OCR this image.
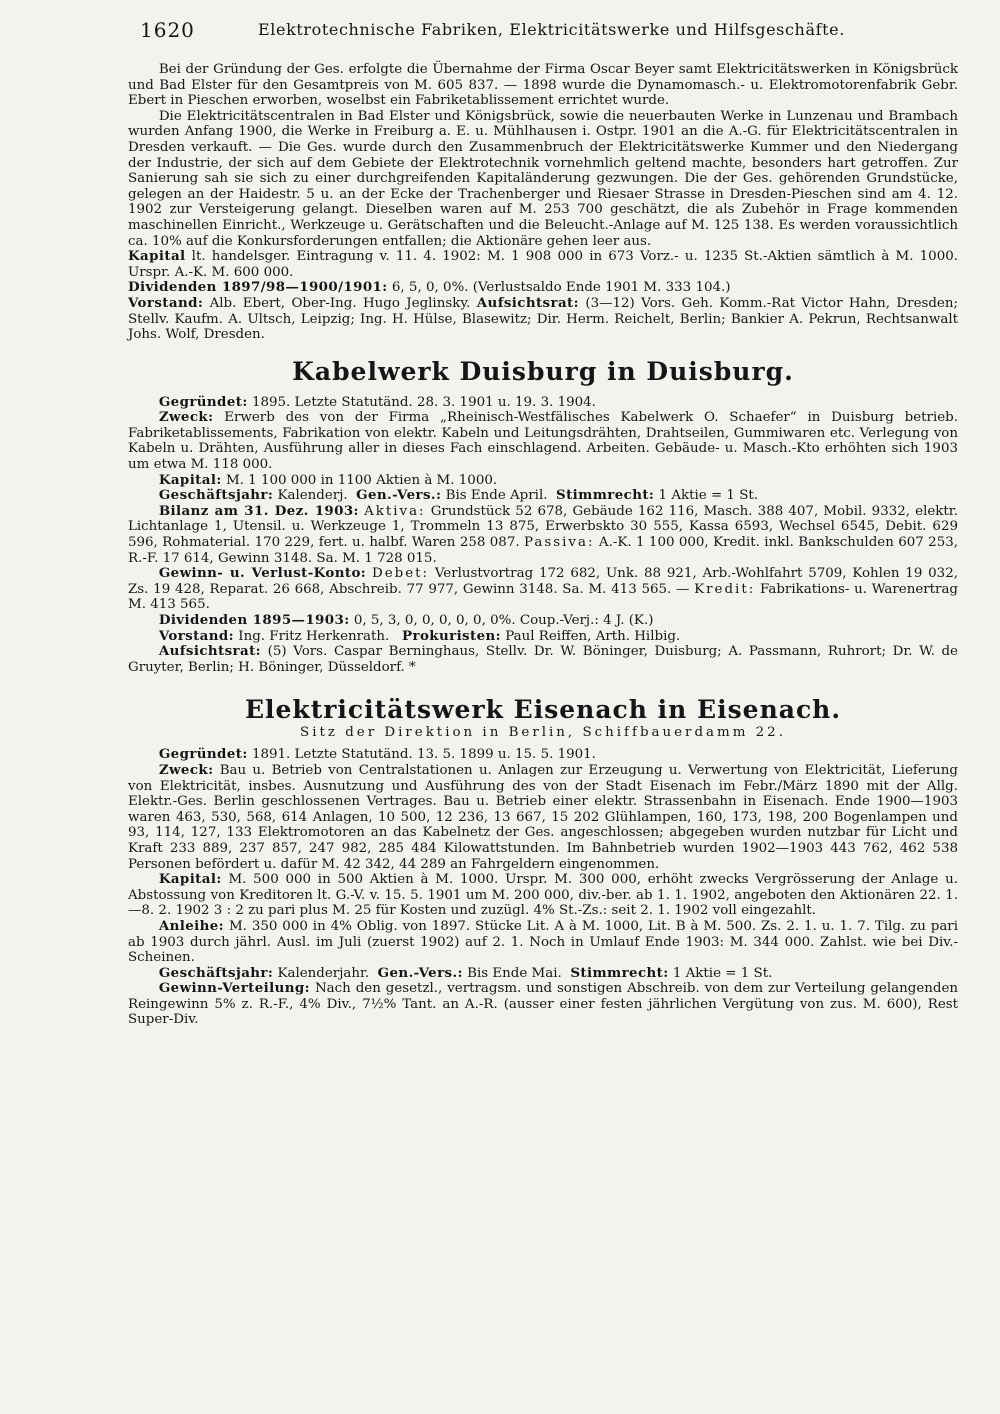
1620	Elektrotechnische Fabriken, Elektricitätswerke und Hilfsgeschäfte.

Bei der Gründung der Ges. erfolgte die Übernahme der Firma Oscar Beyer samt Elektricitätswerken in Königsbrück und Bad Elster für den Gesamtpreis von M. 605 837. — 1898 wurde die Dynamomasch.- u. Elektromotorenfabrik Gebr. Ebert in Pieschen erworben, woselbst ein Fabriketablissement errichtet wurde.

Die Elektricitätscentralen in Bad Elster und Königsbrück, sowie die neuerbauten Werke in Lunzenau und Brambach wurden Anfang 1900, die Werke in Freiburg a. E. u. Mühlhausen i. Ostpr. 1901 an die A.-G. für Elektricitätscentralen in Dresden verkauft. — Die Ges. wurde durch den Zusammenbruch der Elektricitätswerke Kummer und den Niedergang der Industrie, der sich auf dem Gebiete der Elektrotechnik vornehmlich geltend machte, besonders hart getroffen. Zur Sanierung sah sie sich zu einer durchgreifenden Kapitaländerung gezwungen. Die der Ges. gehörenden Grundstücke, gelegen an der Haidestr. 5 u. an der Ecke der Trachenberger und Riesaer Strasse in Dresden-Pieschen sind am 4. 12. 1902 zur Versteigerung gelangt. Dieselben waren auf M. 253 700 geschätzt, die als Zubehör in Frage kommenden maschinellen Einricht., Werkzeuge u. Gerätschaften und die Beleucht.-Anlage auf M. 125 138. Es werden voraussichtlich ca. 10% auf die Konkursforderungen entfallen; die Aktionäre gehen leer aus.

Kapital lt. handelsger. Eintragung v. 11. 4. 1902: M. 1 908 000 in 673 Vorz.- u. 1235 St.-Aktien sämtlich à M. 1000. Urspr. A.-K. M. 600 000.

Dividenden 1897/98—1900/1901: 6, 5, 0, 0%. (Verlustsaldo Ende 1901 M. 333 104.)

Vorstand: Alb. Ebert, Ober-Ing. Hugo Jeglinsky. Aufsichtsrat: (3—12) Vors. Geh. Komm.-Rat Victor Hahn, Dresden; Stellv. Kaufm. A. Ultsch, Leipzig; Ing. H. Hülse, Blasewitz; Dir. Herm. Reichelt, Berlin; Bankier A. Pekrun, Rechtsanwalt Johs. Wolf, Dresden.

Kabelwerk Duisburg in Duisburg.

Gegründet: 1895. Letzte Statutänd. 28. 3. 1901 u. 19. 3. 1904.

Zweck: Erwerb des von der Firma „Rheinisch-Westfälisches Kabelwerk O. Schaefer“ in Duisburg betrieb. Fabriketablissements, Fabrikation von elektr. Kabeln und Leitungsdrähten, Drahtseilen, Gummiwaren etc. Verlegung von Kabeln u. Drähten, Ausführung aller in dieses Fach einschlagend. Arbeiten. Gebäude- u. Masch.-Kto erhöhten sich 1903 um etwa M. 118 000.

Kapital: M. 1 100 000 in 1100 Aktien à M. 1000.

Geschäftsjahr: Kalenderj. Gen.-Vers.: Bis Ende April. Stimmrecht: 1 Aktie = 1 St.

Bilanz am 31. Dez. 1903: Aktiva: Grundstück 52 678, Gebäude 162 116, Masch. 388 407, Mobil. 9332, elektr. Lichtanlage 1, Utensil. u. Werkzeuge 1, Trommeln 13 875, Erwerbskto 30 555, Kassa 6593, Wechsel 6545, Debit. 629 596, Rohmaterial. 170 229, fert. u. halbf. Waren 258 087. Passiva: A.-K. 1 100 000, Kredit. inkl. Bankschulden 607 253, R.-F. 17 614, Gewinn 3148. Sa. M. 1 728 015.

Gewinn- u. Verlust-Konto: Debet: Verlustvortrag 172 682, Unk. 88 921, Arb.-Wohlfahrt 5709, Kohlen 19 032, Zs. 19 428, Reparat. 26 668, Abschreib. 77 977, Gewinn 3148. Sa. M. 413 565. — Kredit: Fabrikations- u. Warenertrag M. 413 565.

Dividenden 1895—1903: 0, 5, 3, 0, 0, 0, 0, 0, 0%. Coup.-Verj.: 4 J. (K.)

Vorstand: Ing. Fritz Herkenrath. Prokuristen: Paul Reiffen, Arth. Hilbig.

Aufsichtsrat: (5) Vors. Caspar Berninghaus, Stellv. Dr. W. Böninger, Duisburg; A. Passmann, Ruhrort; Dr. W. de Gruyter, Berlin; H. Böninger, Düsseldorf. *

Elektricitätswerk Eisenach in Eisenach.

Sitz der Direktion in Berlin, Schiffbauerdamm 22.

Gegründet: 1891. Letzte Statutänd. 13. 5. 1899 u. 15. 5. 1901.

Zweck: Bau u. Betrieb von Centralstationen u. Anlagen zur Erzeugung u. Verwertung von Elektricität, Lieferung von Elektricität, insbes. Ausnutzung und Ausführung des von der Stadt Eisenach im Febr./März 1890 mit der Allg. Elektr.-Ges. Berlin geschlossenen Vertrages. Bau u. Betrieb einer elektr. Strassenbahn in Eisenach. Ende 1900—1903 waren 463, 530, 568, 614 Anlagen, 10 500, 12 236, 13 667, 15 202 Glühlampen, 160, 173, 198, 200 Bogenlampen und 93, 114, 127, 133 Elektromotoren an das Kabelnetz der Ges. angeschlossen; abgegeben wurden nutzbar für Licht und Kraft 233 889, 237 857, 247 982, 285 484 Kilowattstunden. Im Bahnbetrieb wurden 1902—1903 443 762, 462 538 Personen befördert u. dafür M. 42 342, 44 289 an Fahrgeldern eingenommen.

Kapital: M. 500 000 in 500 Aktien à M. 1000. Urspr. M. 300 000, erhöht zwecks Vergrösserung der Anlage u. Abstossung von Kreditoren lt. G.-V. v. 15. 5. 1901 um M. 200 000, div.-ber. ab 1. 1. 1902, angeboten den Aktionären 22. 1.—8. 2. 1902 3 : 2 zu pari plus M. 25 für Kosten und zuzügl. 4% St.-Zs.: seit 2. 1. 1902 voll eingezahlt.

Anleihe: M. 350 000 in 4% Oblig. von 1897. Stücke Lit. A à M. 1000, Lit. B à M. 500. Zs. 2. 1. u. 1. 7. Tilg. zu pari ab 1903 durch jährl. Ausl. im Juli (zuerst 1902) auf 2. 1. Noch in Umlauf Ende 1903: M. 344 000. Zahlst. wie bei Div.-Scheinen.

Geschäftsjahr: Kalenderjahr. Gen.-Vers.: Bis Ende Mai. Stimmrecht: 1 Aktie = 1 St.

Gewinn-Verteilung: Nach den gesetzl., vertragsm. und sonstigen Abschreib. von dem zur Verteilung gelangenden Reingewinn 5% z. R.-F., 4% Div., 7½% Tant. an A.-R. (ausser einer festen jährlichen Vergütung von zus. M. 600), Rest Super-Div.
